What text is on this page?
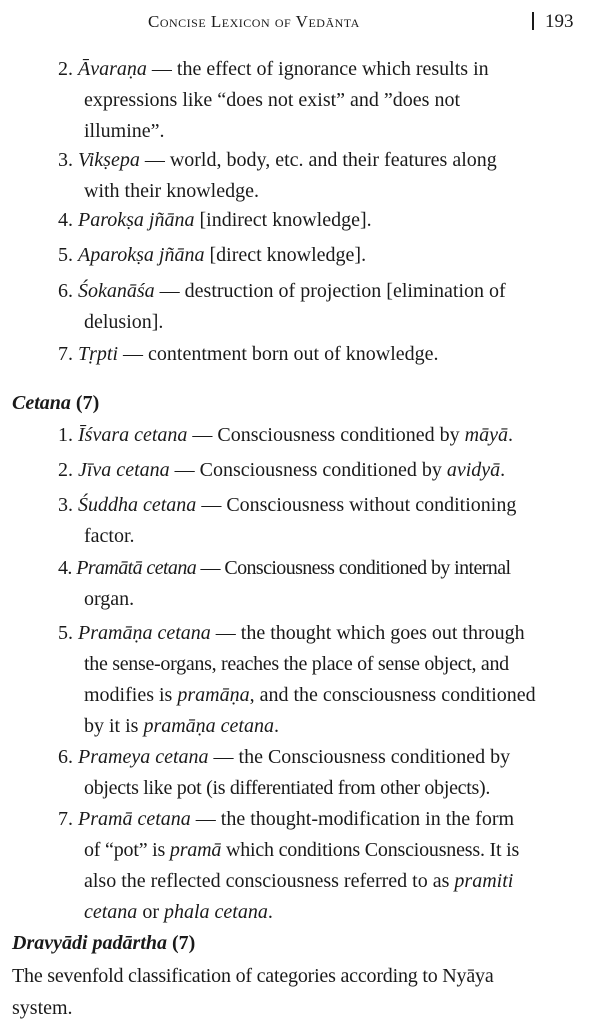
Concise Lexicon of Vedānta	193
2. Āvaraṇa — the effect of ignorance which results in
expressions like “does not exist” and ”does not
illumine”.
3. Vikṣepa — world, body, etc. and their features along
with their knowledge.
4. Parokṣa jñāna [indirect knowledge].
5. Aparokṣa jñāna [direct knowledge].
6. Śokanāśa — destruction of projection [elimination of
delusion].
7. Tṛpti — contentment born out of knowledge.
Cetana (7)
1. Īśvara cetana — Consciousness conditioned by māyā.
2. Jīva cetana — Consciousness conditioned by avidyā.
3. Śuddha cetana — Consciousness without conditioning
factor.
4. Pramātā cetana — Consciousness conditioned by internal
organ.
5. Pramāṇa cetana — the thought which goes out through
the sense-organs, reaches the place of sense object, and
modifies is pramāṇa, and the consciousness conditioned
by it is pramāṇa cetana.
6. Prameya cetana — the Consciousness conditioned by
objects like pot (is differentiated from other objects).
7. Pramā cetana — the thought-modification in the form
of “pot” is pramā which conditions Consciousness. It is
also the reflected consciousness referred to as pramiti
cetana or phala cetana.
Dravyādi padārtha (7)
The sevenfold classification of categories according to Nyāya
system.
